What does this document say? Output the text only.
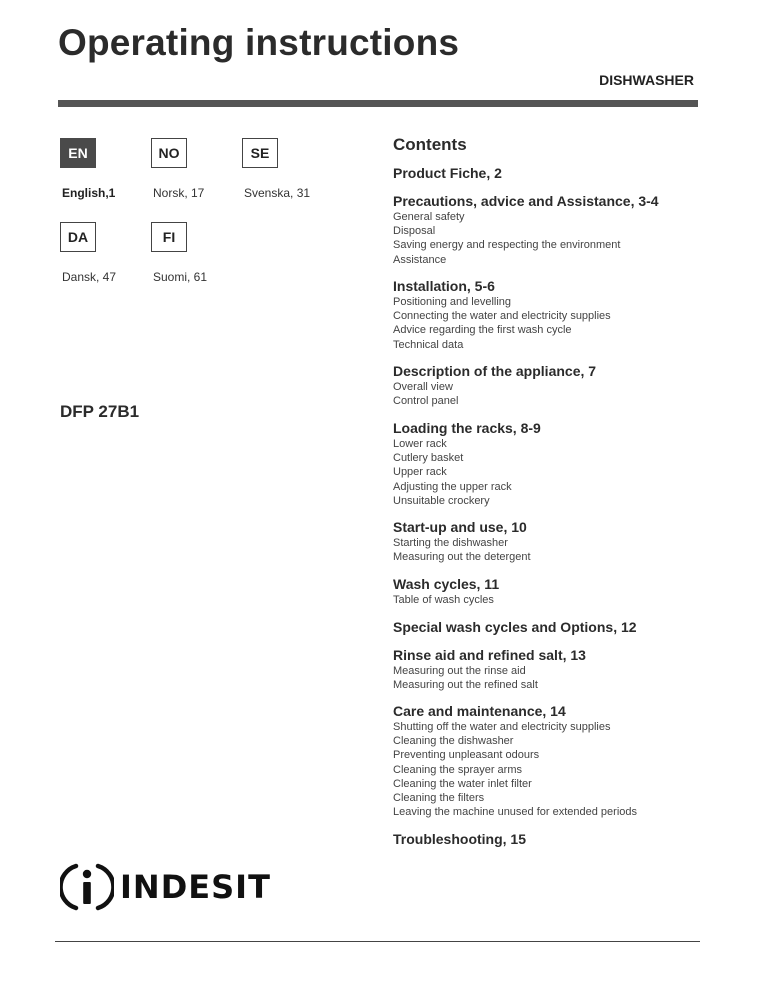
Operating instructions
DISHWASHER
EN
English,1
NO
Norsk, 17
SE
Svenska, 31
DA
Dansk, 47
FI
Suomi, 61
DFP 27B1
Contents
Product Fiche, 2
Precautions, advice and Assistance, 3-4
General safety
Disposal
Saving energy and respecting the environment
Assistance
Installation, 5-6
Positioning and levelling
Connecting the water and electricity supplies
Advice regarding the first wash cycle
Technical data
Description of the appliance, 7
Overall view
Control panel
Loading the racks, 8-9
Lower rack
Cutlery basket
Upper rack
Adjusting the upper rack
Unsuitable crockery
Start-up and use, 10
Starting the dishwasher
Measuring out the detergent
Wash cycles, 11
Table of wash cycles
Special wash cycles and Options, 12
Rinse aid and refined salt, 13
Measuring out the rinse aid
Measuring out the refined salt
Care and maintenance, 14
Shutting off the water and electricity supplies
Cleaning the dishwasher
Preventing unpleasant odours
Cleaning the sprayer arms
Cleaning the water inlet filter
Cleaning the filters
Leaving the machine unused for extended periods
Troubleshooting, 15
INDESIT
